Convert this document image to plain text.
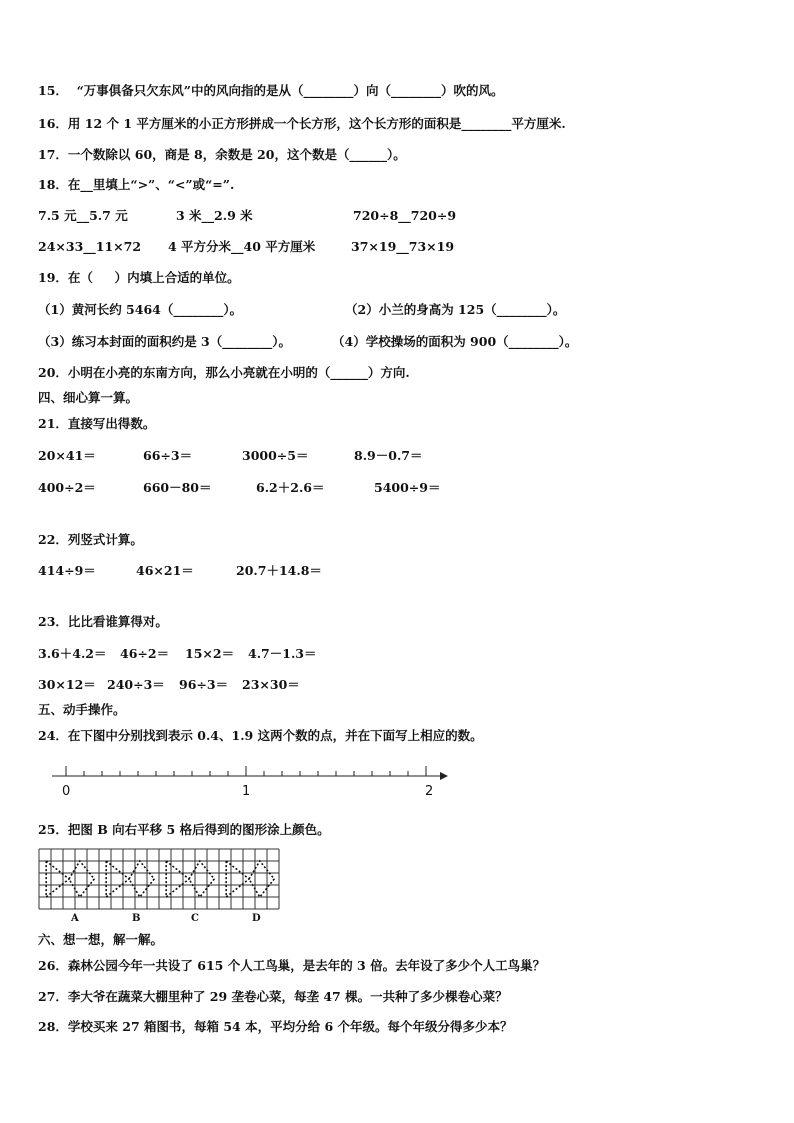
15．  “万事俱备只欠东风”中的风向指的是从（________）向（________）吹的风。
16．用 12 个 1 平方厘米的小正方形拼成一个长方形，这个长方形的面积是________平方厘米.
17．一个数除以 60，商是 8，余数是 20，这个数是（______）。
18．在__里填上“>”、“<”或“=”.
7.5 元__5.7 元	3 米__2.9 米	720÷8__720÷9
24×33__11×72 4 平方分米__40 平方厘米	37×19__73×19
19．在（     ）内填上合适的单位。
（1）黄河长约 5464（________）。	（2）小兰的身高为 125（________）。
（3）练习本封面的面积约是 3（________）。	（4）学校操场的面积为 900（________）。
20．小明在小亮的东南方向，那么小亮就在小明的（______）方向.
四、细心算一算。
21．直接写出得数。
20×41＝	66÷3＝	3000÷5＝	8.9－0.7＝
400÷2＝	660－80＝	6.2＋2.6＝	5400÷9＝
22．列竖式计算。
414÷9＝	46×21＝	20.7＋14.8＝
23．比比看谁算得对。
3.6＋4.2＝ 46÷2＝ 15×2＝ 4.7－1.3＝
30×12＝ 240÷3＝ 96÷3＝ 23×30＝
五、动手操作。
24．在下图中分别找到表示 0.4、1.9 这两个数的点，并在下面写上相应的数。
0	1	2
25．把图 B 向右平移 5 格后得到的图形涂上颜色。
A	B	C	D
六、想一想，解一解。
26．森林公园今年一共设了 615 个人工鸟巢，是去年的 3 倍。去年设了多少个人工鸟巢？
27．李大爷在蔬菜大棚里种了 29 垄卷心菜，每垄 47 棵。一共种了多少棵卷心菜？
28．学校买来 27 箱图书，每箱 54 本，平均分给 6 个年级。每个年级分得多少本？
